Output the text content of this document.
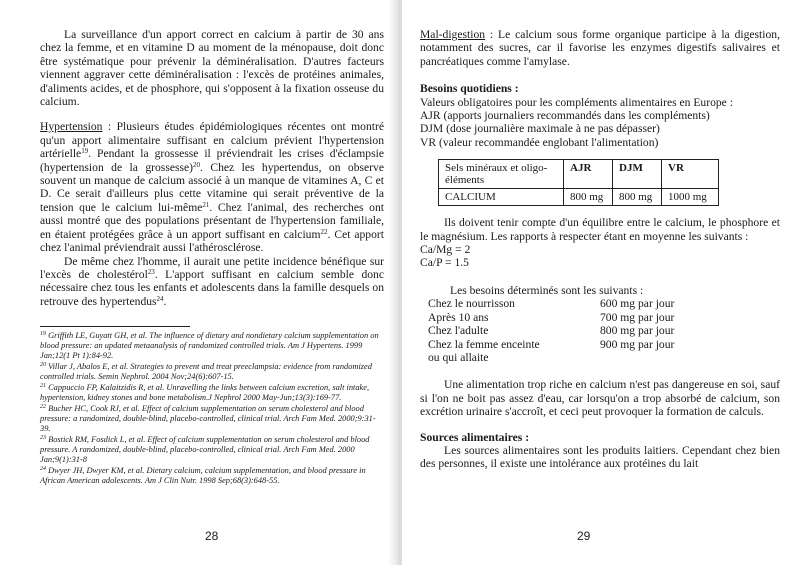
La surveillance d'un apport correct en calcium à partir de 30 ans chez la femme, et en vitamine D au moment de la ménopause, doit donc être systématique pour prévenir la déminéralisation. D'autres facteurs viennent aggraver cette déminéralisation : l'excès de protéines animales, d'aliments acides, et de phosphore, qui s'opposent à la fixation osseuse du calcium.

Hypertension : Plusieurs études épidémiologiques récentes ont montré qu'un apport alimentaire suffisant en calcium prévient l'hypertension artérielle$^{19}$. Pendant la grossesse il préviendrait les crises d'éclampsie (hypertension de la grossesse)$^{20}$. Chez les hypertendus, on observe souvent un manque de calcium associé à un manque de vitamines A, C et D. Ce serait d'ailleurs plus cette vitamine qui serait préventive de la tension que le calcium lui-même$^{21}$. Chez l'animal, des recherches ont aussi montré que des populations présentant de l'hypertension familiale, en étaient protégées grâce à un apport suffisant en calcium$^{22}$. Cet apport chez l'animal préviendrait aussi l'athérosclérose.

De même chez l'homme, il aurait une petite incidence bénéfique sur l'excès de cholestérol$^{23}$. L'apport suffisant en calcium semble donc nécessaire chez tous les enfants et adolescents dans la famille desquels on retrouve des hypertendus$^{24}$.

$^{19}$ Griffith LE, Guyatt GH, et al. The influence of dietary and nondietary calcium supplementation on blood pressure: an updated metaanalysis of randomized controlled trials. Am J Hypertens. 1999 Jan;12(1 Pt 1):84-92.

$^{20}$ Villar J, Abalos E, et al. Strategies to prevent and treat preeclampsia: evidence from randomized controlled trials. Semin Nephrol. 2004 Nov;24(6):607-15.

$^{21}$ Cappuccio FP, Kalaitzidis R, et al. Unravelling the links between calcium excretion, salt intake, hypertension, kidney stones and bone metabolism.J Nephrol 2000 May-Jun;13(3):169-77.

$^{22}$ Bucher HC, Cook RJ, et al. Effect of calcium supplementation on serum cholesterol and blood pressure: a randomized, double-blind, placebo-controlled, clinical trial. Arch Fam Med. 2000;9:31-39.

$^{23}$ Bostick RM, Fosdick L, et al. Effect of calcium supplementation on serum cholesterol and blood pressure. A randomized, double-blind, placebo-controlled, clinical trial. Arch Fam Med. 2000 Jan;9(1):31-8

$^{24}$ Dwyer JH, Dwyer KM, et al. Dietary calcium, calcium supplementation, and blood pressure in African American adolescents. Am J Clin Nutr. 1998 Sep;68(3):648-55.

28

Mal-digestion : Le calcium sous forme organique participe à la digestion, notamment des sucres, car il favorise les enzymes digestifs salivaires et pancréatiques comme l'amylase.

Besoins quotidiens :
Valeurs obligatoires pour les compléments alimentaires en Europe :
AJR (apports journaliers recommandés dans les compléments)
DJM (dose journalière maximale à ne pas dépasser)
VR (valeur recommandée englobant l'alimentation)
Sels minéraux et oligo-éléments	AJR	DJM	VR
CALCIUM	800 mg	800 mg	1000 mg

Ils doivent tenir compte d'un équilibre entre le calcium, le phosphore et le magnésium. Les rapports à respecter étant en moyenne les suivants :

Ca/Mg = 2
Ca/P = 1.5
Les besoins déterminés sont les suivants :
Chez le nourrisson	600 mg par jour
Après 10 ans	700 mg par jour
Chez l'adulte	800 mg par jour
Chez la femme enceinte	900 mg par jour
ou qui allaite

Une alimentation trop riche en calcium n'est pas dangereuse en soi, sauf si l'on ne boit pas assez d'eau, car lorsqu'on a trop absorbé de calcium, son excrétion urinaire s'accroît, et ceci peut provoquer la formation de calculs.

Sources alimentaires :

Les sources alimentaires sont les produits laitiers. Cependant chez bien des personnes, il existe une intolérance aux protéines du lait

29
